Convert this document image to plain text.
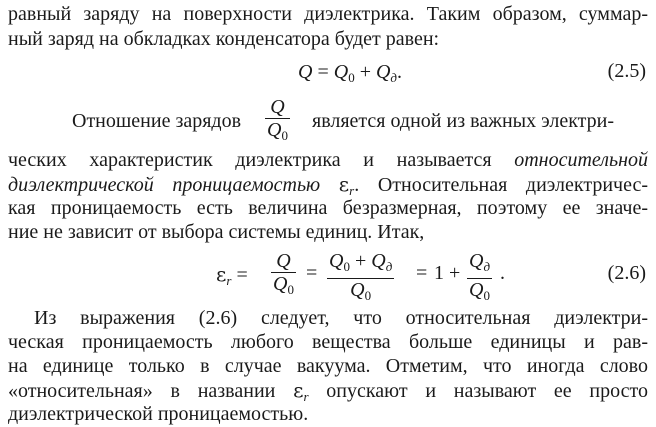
равный заряду на поверхности диэлектрика. Таким образом, суммар-
ный заряд на обкладках конденсатора будет равен:
$Q = Q_0 + Q_д$.	(2.5)
Отношение зарядов $\frac{Q}{Q_0}$ является одной из важных электри-
ческих характеристик диэлектрика и называется относительной
диэлектрической проницаемостью $\varepsilon_r$. Относительная диэлектричес-
кая проницаемость есть величина безразмерная, поэтому ее значе-
ние не зависит от выбора системы единиц. Итак,
$\varepsilon_r = \frac{Q}{Q_0}$ =
$Q_0 + Q_д$
$Q_0$
= 1 +
$Q_д$
$Q_0$
.	(2.6)
Из выражения (2.6) следует, что относительная диэлектри-
ческая проницаемость любого вещества больше единицы и рав-
на единице только в случае вакуума. Отметим, что иногда слово
«относительная» в названии $\varepsilon_r$ опускают и называют ее просто
диэлектрической проницаемостью.
